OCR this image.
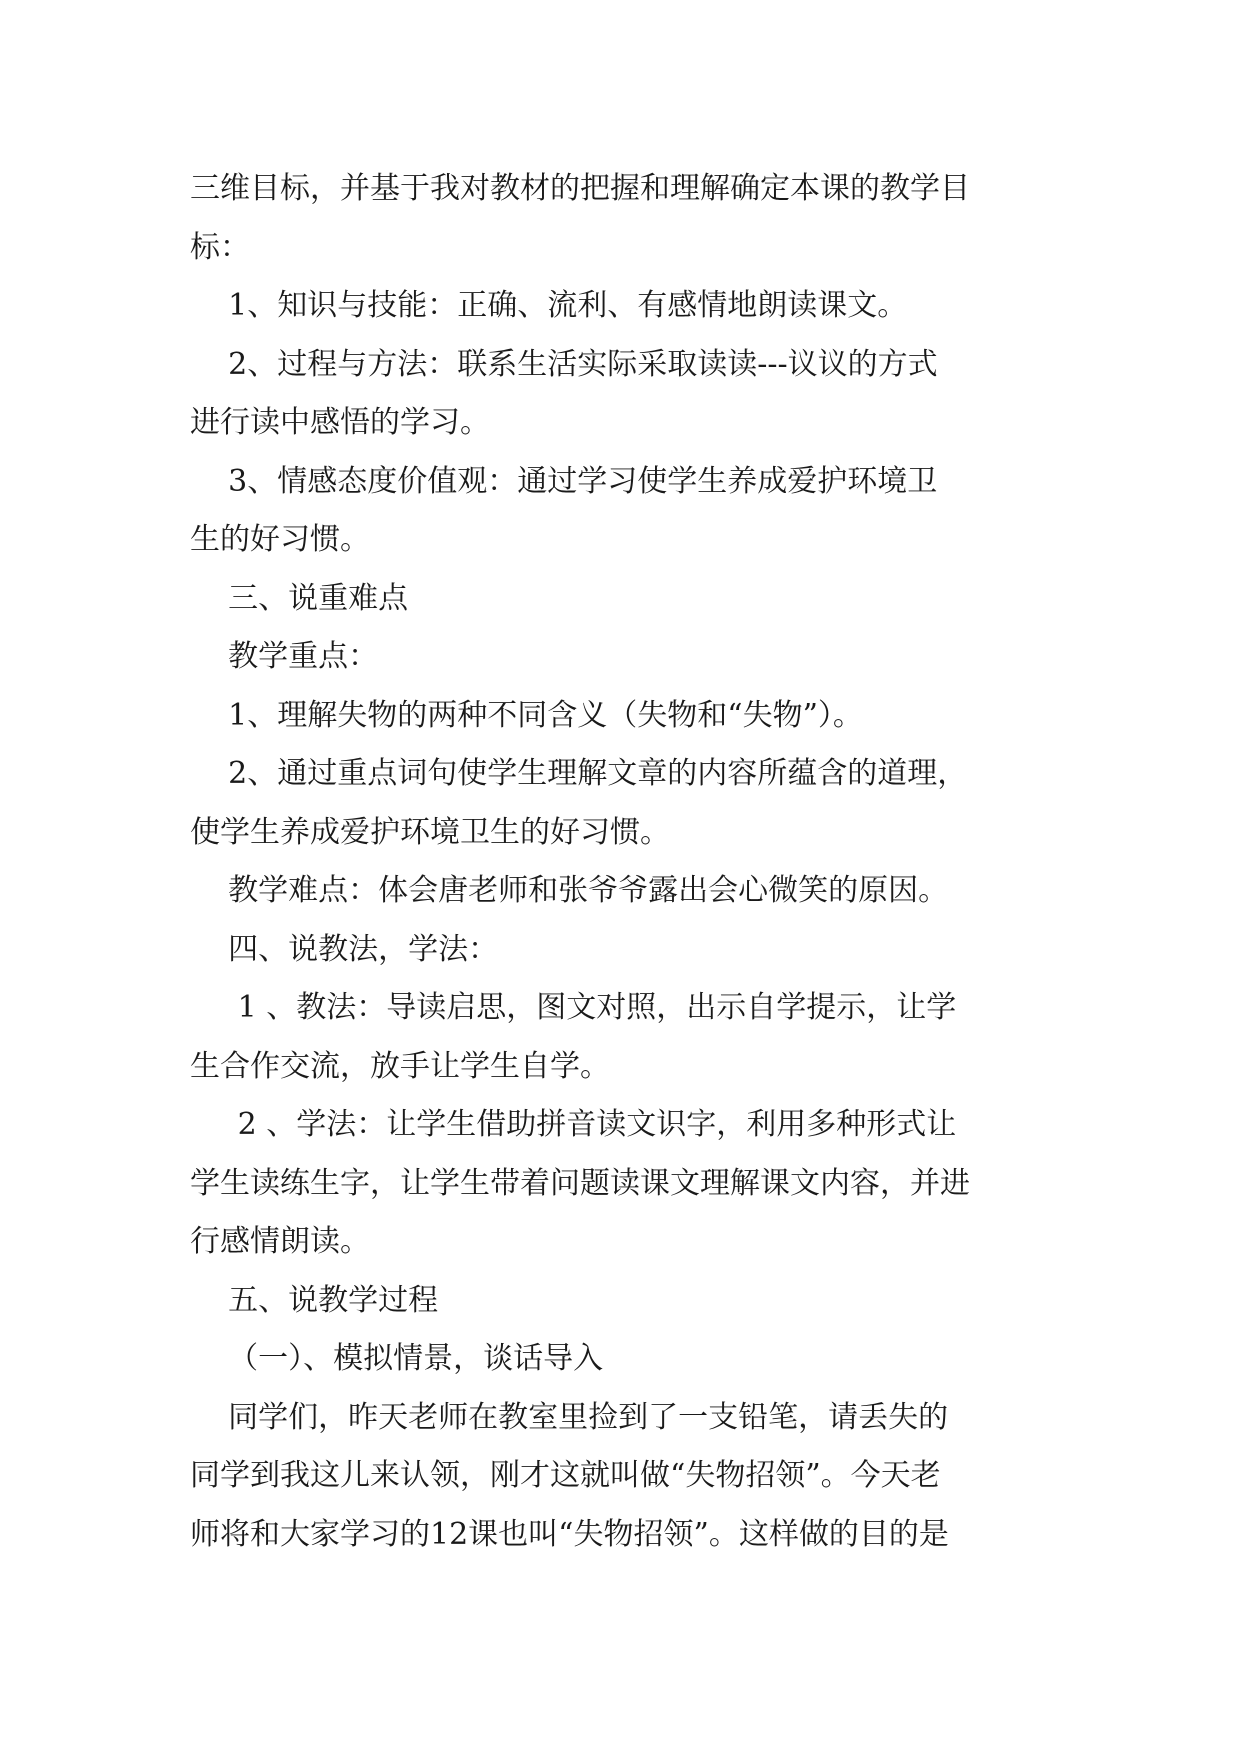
三维目标，并基于我对教材的把握和理解确定本课的教学目
标：
1、知识与技能：正确、流利、有感情地朗读课文。
2、过程与方法：联系生活实际采取读读---议议的方式
进行读中感悟的学习。
3、情感态度价值观：通过学习使学生养成爱护环境卫
生的好习惯。
三、说重难点
教学重点：
1、理解失物的两种不同含义（失物和“失物”）。
2、通过重点词句使学生理解文章的内容所蕴含的道理，
使学生养成爱护环境卫生的好习惯。
教学难点：体会唐老师和张爷爷露出会心微笑的原因。
四、说教法，学法：
1 、教法：导读启思，图文对照，出示自学提示，让学
生合作交流，放手让学生自学。
2 、学法：让学生借助拼音读文识字，利用多种形式让
学生读练生字，让学生带着问题读课文理解课文内容，并进
行感情朗读。
五、说教学过程
（一）、模拟情景，谈话导入
同学们，昨天老师在教室里捡到了一支铅笔，请丢失的
同学到我这儿来认领，刚才这就叫做“失物招领”。今天老
师将和大家学习的12课也叫“失物招领”。这样做的目的是
